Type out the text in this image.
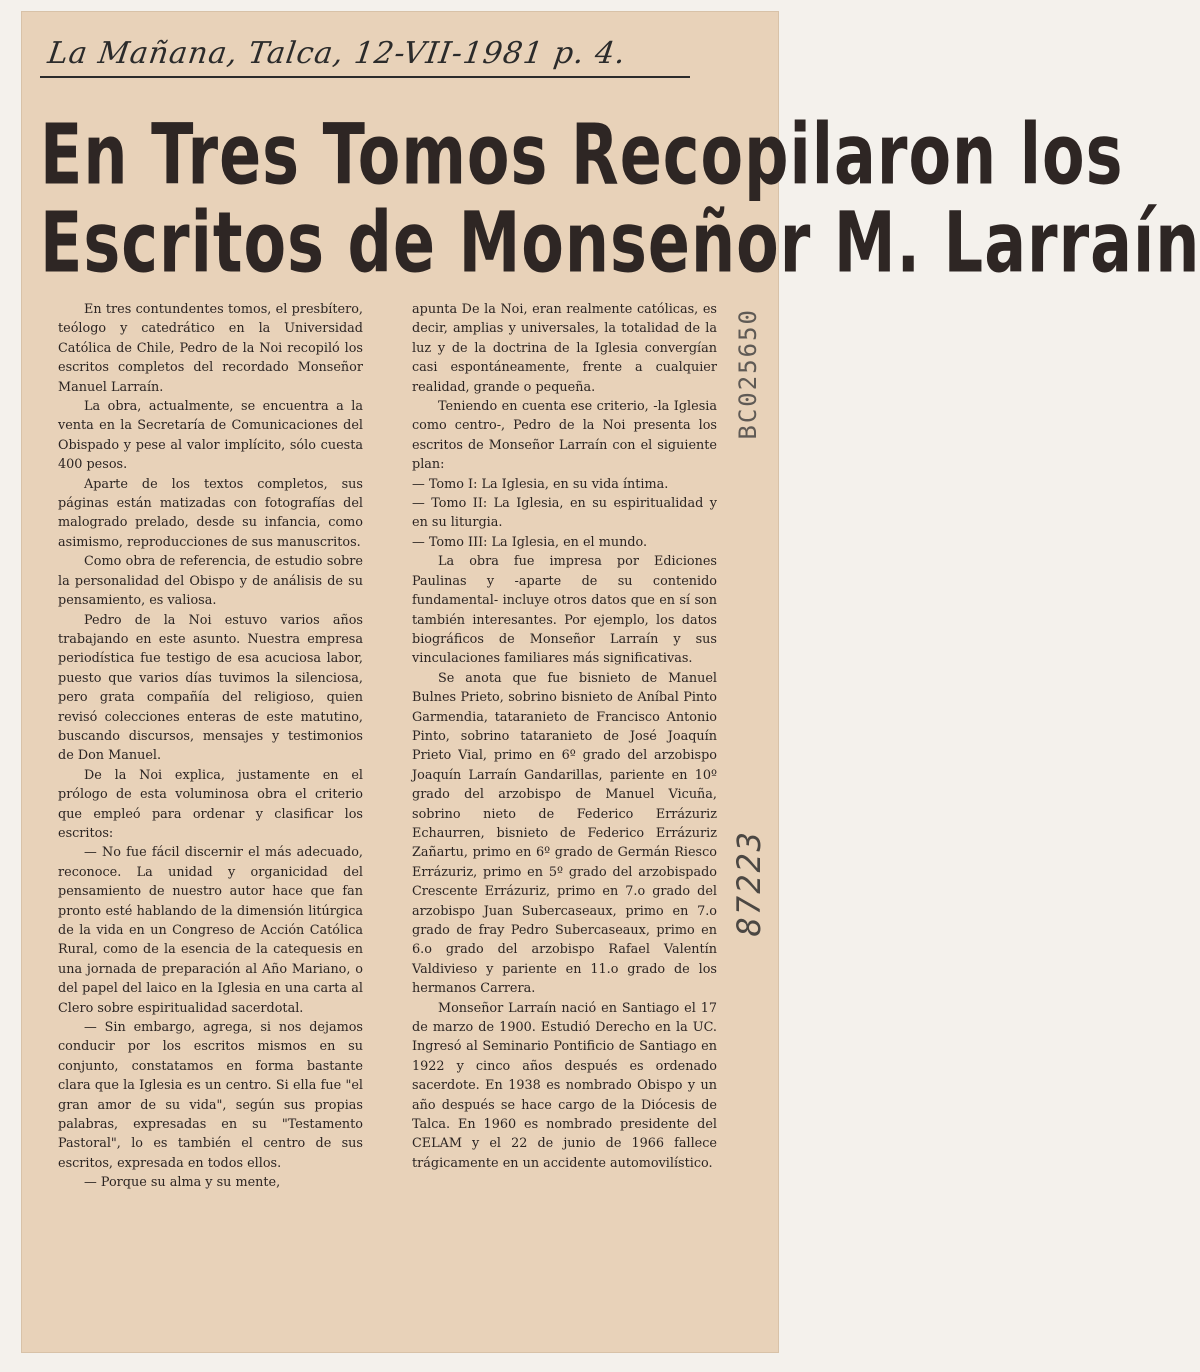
La Mañana, Talca, 12-VII-1981 p. 4.
En Tres Tomos Recopilaron los
Escritos de Monseñor M. Larraín

En tres contundentes tomos, el presbítero, teólogo y catedrático en la Universidad Católica de Chile, Pedro de la Noi recopiló los escritos completos del recordado Monseñor Manuel Larraín.

La obra, actualmente, se encuentra a la venta en la Secretaría de Comunicaciones del Obispado y pese al valor implícito, sólo cuesta 400 pesos.

Aparte de los textos completos, sus páginas están matizadas con fotografías del malogrado prelado, desde su infancia, como asimismo, reproducciones de sus manuscritos.

Como obra de referencia, de estudio sobre la personalidad del Obispo y de análisis de su pensamiento, es valiosa.

Pedro de la Noi estuvo varios años trabajando en este asunto. Nuestra empresa periodística fue testigo de esa acuciosa labor, puesto que varios días tuvimos la silenciosa, pero grata compañía del religioso, quien revisó colecciones enteras de este matutino, buscando discursos, mensajes y testimonios de Don Manuel.

De la Noi explica, justamente en el prólogo de esta voluminosa obra el criterio que empleó para ordenar y clasificar los escritos:

— No fue fácil discernir el más adecuado, reconoce. La unidad y organicidad del pensamiento de nuestro autor hace que fan pronto esté hablando de la dimensión litúrgica de la vida en un Congreso de Acción Católica Rural, como de la esencia de la catequesis en una jornada de preparación al Año Mariano, o del papel del laico en la Iglesia en una carta al Clero sobre espiritualidad sacerdotal.

— Sin embargo, agrega, si nos dejamos conducir por los escritos mismos en su conjunto, constatamos en forma bastante clara que la Iglesia es un centro. Si ella fue "el gran amor de su vida", según sus propias palabras, expresadas en su "Testamento Pastoral", lo es también el centro de sus escritos, expresada en todos ellos.

— Porque su alma y su mente,

apunta De la Noi, eran realmente católicas, es decir, amplias y universales, la totalidad de la luz y de la doctrina de la Iglesia convergían casi espontáneamente, frente a cualquier realidad, grande o pequeña.

Teniendo en cuenta ese criterio, -la Iglesia como centro-, Pedro de la Noi presenta los escritos de Monseñor Larraín con el siguiente plan:

— Tomo I: La Iglesia, en su vida íntima.

— Tomo II: La Iglesia, en su espiritualidad y en su liturgia.

— Tomo III: La Iglesia, en el mundo.

La obra fue impresa por Ediciones Paulinas y -aparte de su contenido fundamental- incluye otros datos que en sí son también interesantes. Por ejemplo, los datos biográficos de Monseñor Larraín y sus vinculaciones familiares más significativas.

Se anota que fue bisnieto de Manuel Bulnes Prieto, sobrino bisnieto de Aníbal Pinto Garmendia, tataranieto de Francisco Antonio Pinto, sobrino tataranieto de José Joaquín Prieto Vial, primo en 6º grado del arzobispo Joaquín Larraín Gandarillas, pariente en 10º grado del arzobispo de Manuel Vicuña, sobrino nieto de Federico Errázuriz Echaurren, bisnieto de Federico Errázuriz Zañartu, primo en 6º grado de Germán Riesco Errázuriz, primo en 5º grado del arzobispado Crescente Errázuriz, primo en 7.o grado del arzobispo Juan Subercaseaux, primo en 7.o grado de fray Pedro Subercaseaux, primo en 6.o grado del arzobispo Rafael Valentín Valdivieso y pariente en 11.o grado de los hermanos Carrera.

Monseñor Larraín nació en Santiago el 17 de marzo de 1900. Estudió Derecho en la UC. Ingresó al Seminario Pontificio de Santiago en 1922 y cinco años después es ordenado sacerdote. En 1938 es nombrado Obispo y un año después se hace cargo de la Diócesis de Talca. En 1960 es nombrado presidente del CELAM y el 22 de junio de 1966 fallece trágicamente en un accidente automovilístico.

BC025650
87223
